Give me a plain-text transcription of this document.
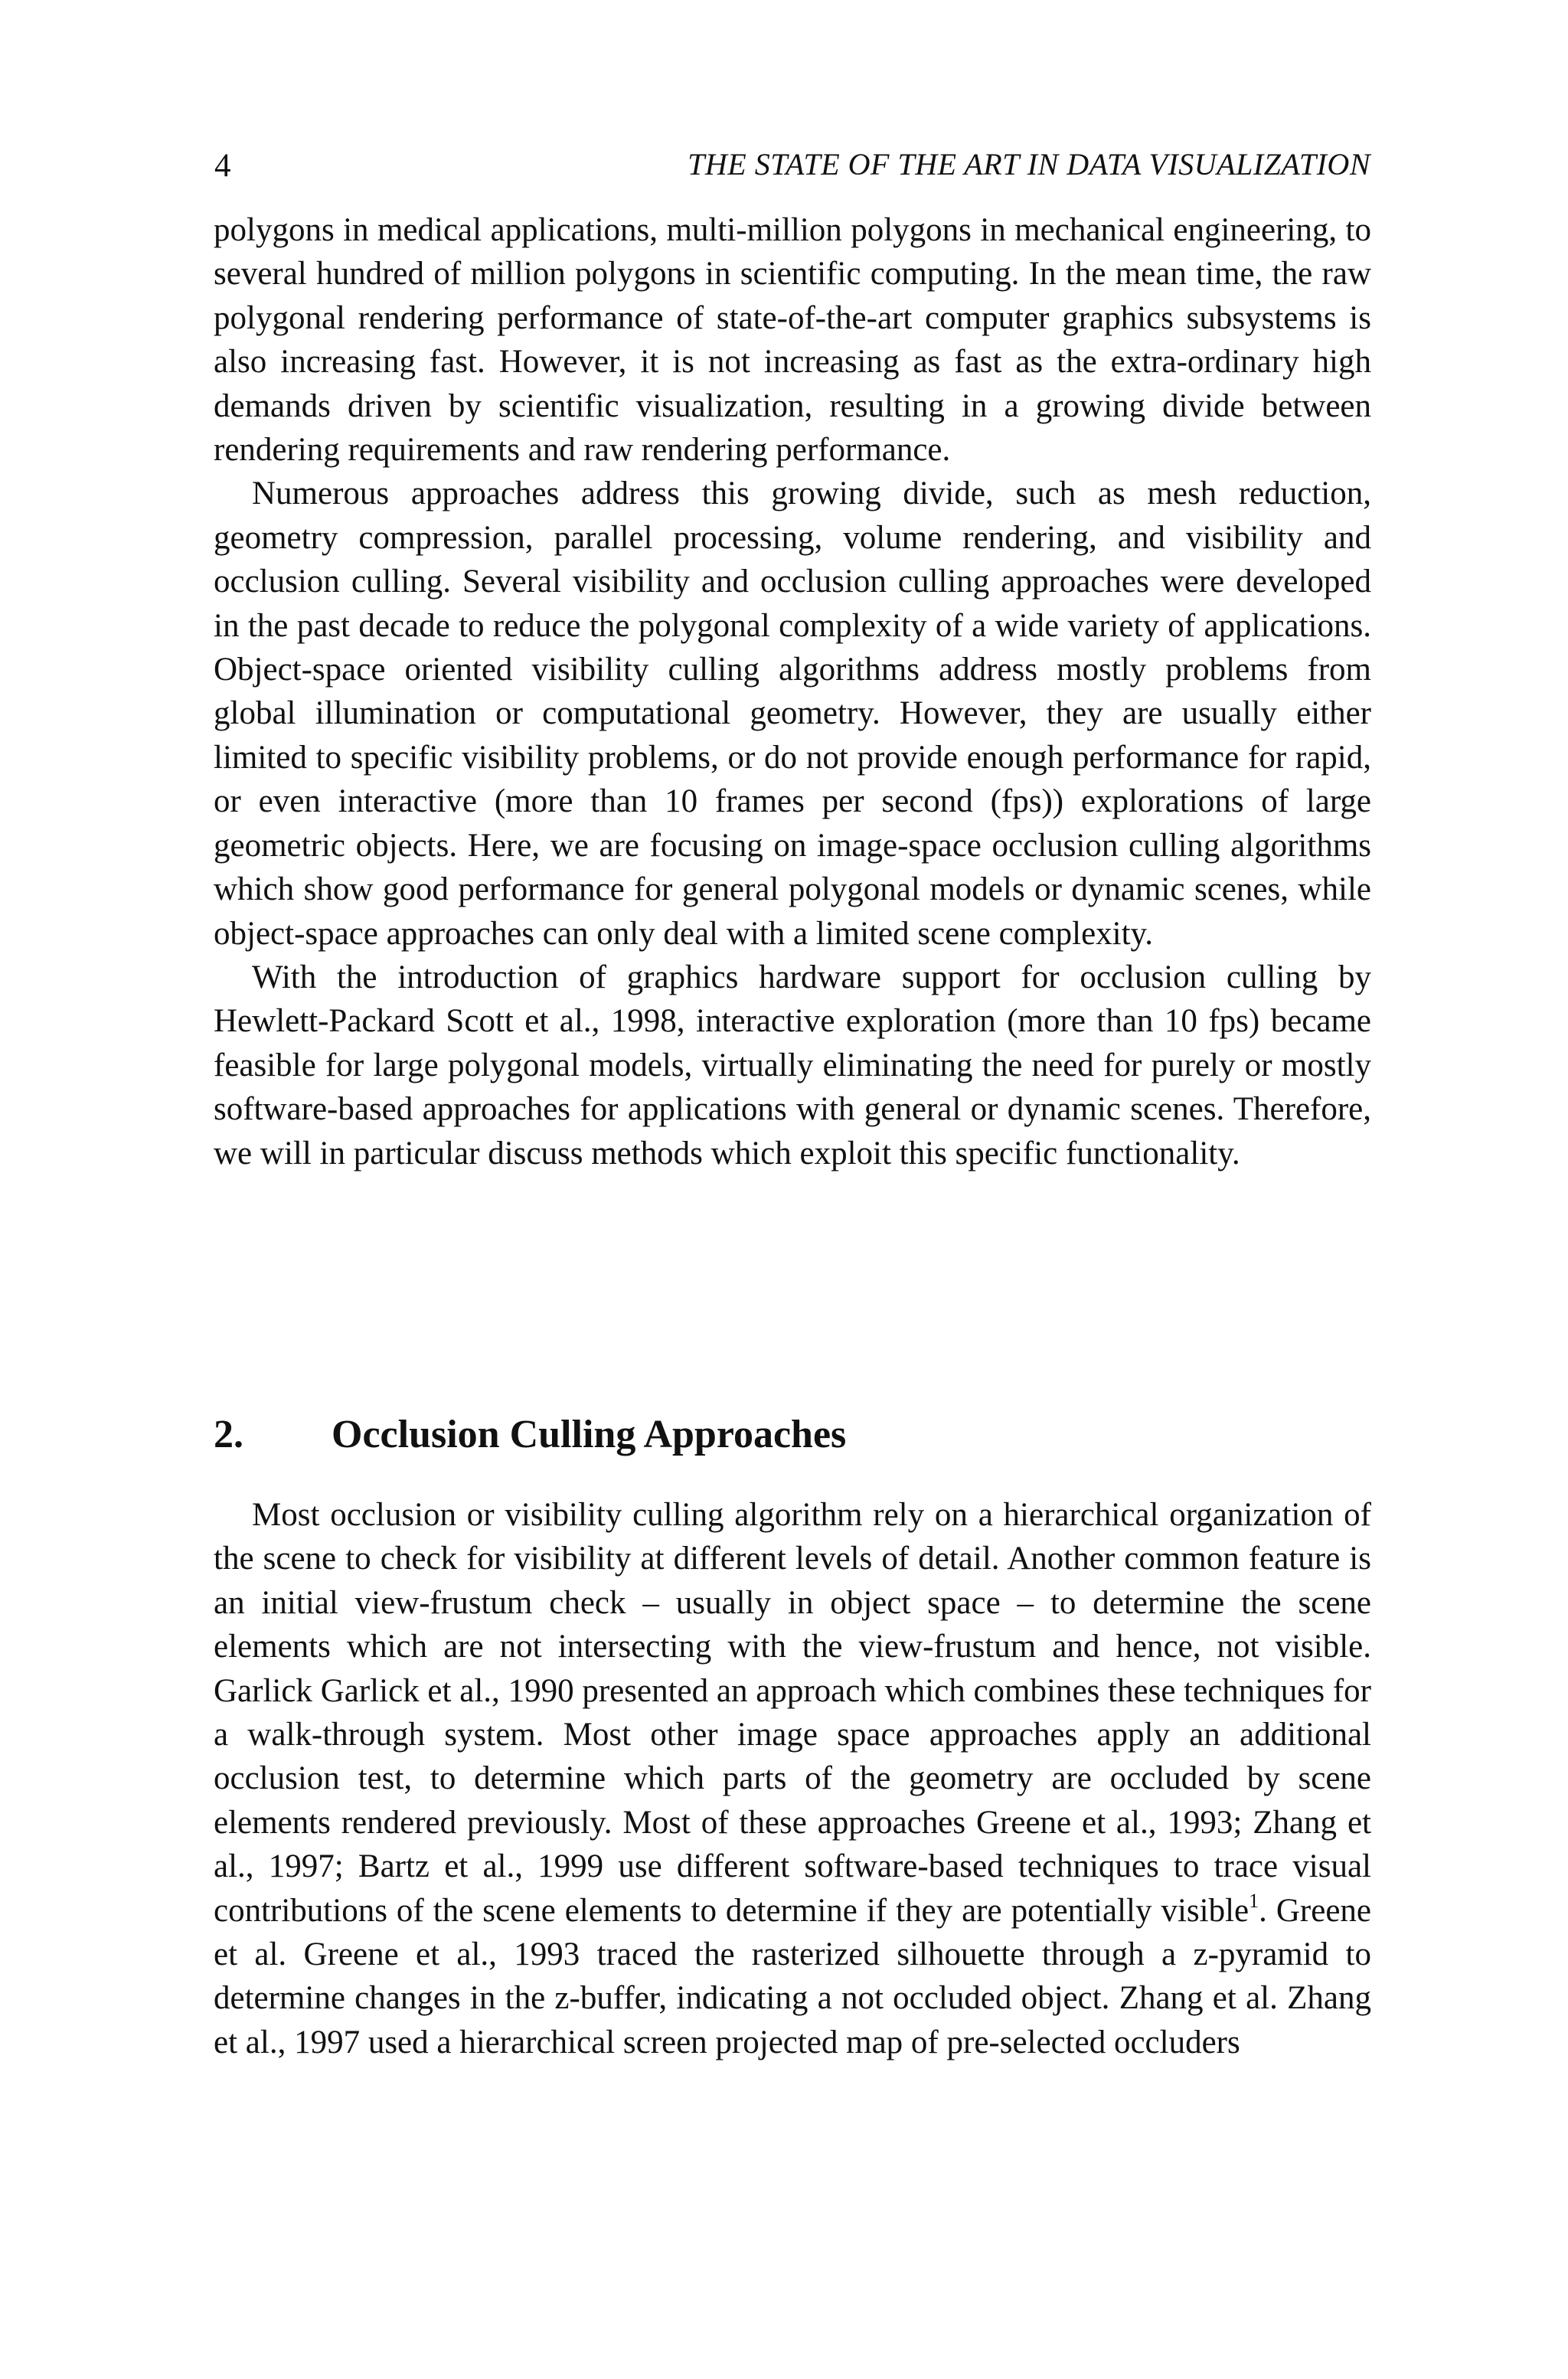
4	THE STATE OF THE ART IN DATA VISUALIZATION

polygons in medical applications, multi-million polygons in mechanical engineering, to several hundred of million polygons in scientific computing. In the mean time, the raw polygonal rendering performance of state-of-the-art computer graphics subsystems is also increasing fast. However, it is not increasing as fast as the extra-ordinary high demands driven by scientific visualization, resulting in a growing divide between rendering requirements and raw rendering performance.

Numerous approaches address this growing divide, such as mesh reduction, geometry compression, parallel processing, volume rendering, and visibility and occlusion culling. Several visibility and occlusion culling approaches were developed in the past decade to reduce the polygonal complexity of a wide variety of applications. Object-space oriented visibility culling algorithms address mostly problems from global illumination or computational geometry. However, they are usually either limited to specific visibility problems, or do not provide enough performance for rapid, or even interactive (more than 10 frames per second (fps)) explorations of large geometric objects. Here, we are focusing on image-space occlusion culling algorithms which show good performance for general polygonal models or dynamic scenes, while object-space approaches can only deal with a limited scene complexity.

With the introduction of graphics hardware support for occlusion culling by Hewlett-Packard Scott et al., 1998, interactive exploration (more than 10 fps) became feasible for large polygonal models, virtually eliminating the need for purely or mostly software-based approaches for applications with general or dynamic scenes. Therefore, we will in particular discuss methods which exploit this specific functionality.

2. Occlusion Culling Approaches

Most occlusion or visibility culling algorithm rely on a hierarchical organization of the scene to check for visibility at different levels of detail. Another common feature is an initial view-frustum check – usually in object space – to determine the scene elements which are not intersecting with the view-frustum and hence, not visible. Garlick Garlick et al., 1990 presented an approach which combines these techniques for a walk-through system. Most other image space approaches apply an additional occlusion test, to determine which parts of the geometry are occluded by scene elements rendered previously. Most of these approaches Greene et al., 1993; Zhang et al., 1997; Bartz et al., 1999 use different software-based techniques to trace visual contributions of the scene elements to determine if they are potentially visible$^1$. Greene et al. Greene et al., 1993 traced the rasterized silhouette through a z-pyramid to determine changes in the z-buffer, indicating a not occluded object. Zhang et al. Zhang et al., 1997 used a hierarchical screen projected map of pre-selected occluders
